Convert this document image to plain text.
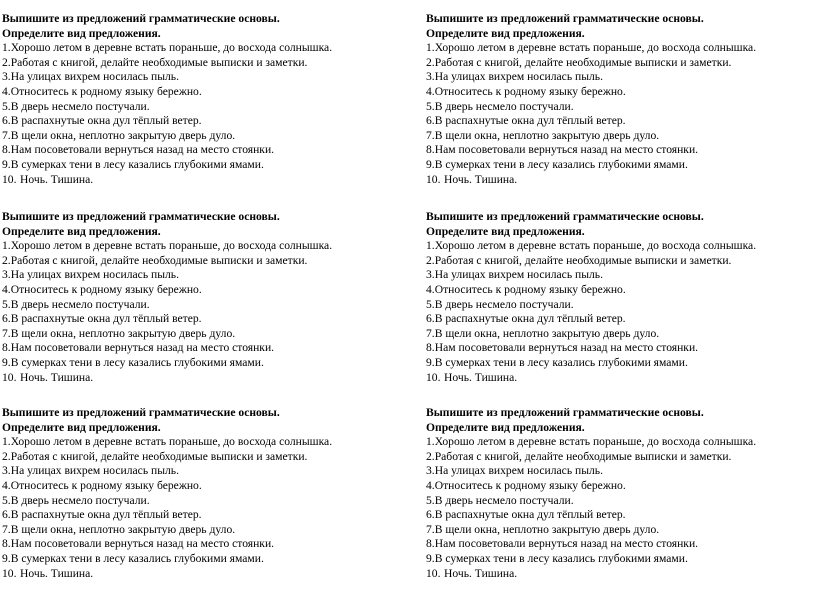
Выпишите из предложений грамматические основы.
Определите вид предложения.
1. Хорошо летом в деревне встать пораньше, до восхода солнышка.
2. Работая с книгой, делайте необходимые выписки и заметки.
3. На улицах вихрем носилась пыль.
4. Относитесь к родному языку бережно.
5. В дверь несмело постучали.
6. В распахнутые окна дул тёплый ветер.
7. В щели окна, неплотно закрытую дверь дуло.
8. Нам посоветовали вернуться назад на место стоянки.
9. В сумерках тени в лесу казались глубокими ямами.
10. Ночь. Тишина.
Выпишите из предложений грамматические основы.
Определите вид предложения.
1. Хорошо летом в деревне встать пораньше, до восхода солнышка.
2. Работая с книгой, делайте необходимые выписки и заметки.
3. На улицах вихрем носилась пыль.
4. Относитесь к родному языку бережно.
5. В дверь несмело постучали.
6. В распахнутые окна дул тёплый ветер.
7. В щели окна, неплотно закрытую дверь дуло.
8. Нам посоветовали вернуться назад на место стоянки.
9. В сумерках тени в лесу казались глубокими ямами.
10. Ночь. Тишина.
Выпишите из предложений грамматические основы.
Определите вид предложения.
1. Хорошо летом в деревне встать пораньше, до восхода солнышка.
2. Работая с книгой, делайте необходимые выписки и заметки.
3. На улицах вихрем носилась пыль.
4. Относитесь к родному языку бережно.
5. В дверь несмело постучали.
6. В распахнутые окна дул тёплый ветер.
7. В щели окна, неплотно закрытую дверь дуло.
8. Нам посоветовали вернуться назад на место стоянки.
9. В сумерках тени в лесу казались глубокими ямами.
10. Ночь. Тишина.
Выпишите из предложений грамматические основы.
Определите вид предложения.
1. Хорошо летом в деревне встать пораньше, до восхода солнышка.
2. Работая с книгой, делайте необходимые выписки и заметки.
3. На улицах вихрем носилась пыль.
4. Относитесь к родному языку бережно.
5. В дверь несмело постучали.
6. В распахнутые окна дул тёплый ветер.
7. В щели окна, неплотно закрытую дверь дуло.
8. Нам посоветовали вернуться назад на место стоянки.
9. В сумерках тени в лесу казались глубокими ямами.
10. Ночь. Тишина.
Выпишите из предложений грамматические основы.
Определите вид предложения.
1. Хорошо летом в деревне встать пораньше, до восхода солнышка.
2. Работая с книгой, делайте необходимые выписки и заметки.
3. На улицах вихрем носилась пыль.
4. Относитесь к родному языку бережно.
5. В дверь несмело постучали.
6. В распахнутые окна дул тёплый ветер.
7. В щели окна, неплотно закрытую дверь дуло.
8. Нам посоветовали вернуться назад на место стоянки.
9. В сумерках тени в лесу казались глубокими ямами.
10. Ночь. Тишина.
Выпишите из предложений грамматические основы.
Определите вид предложения.
1. Хорошо летом в деревне встать пораньше, до восхода солнышка.
2. Работая с книгой, делайте необходимые выписки и заметки.
3. На улицах вихрем носилась пыль.
4. Относитесь к родному языку бережно.
5. В дверь несмело постучали.
6. В распахнутые окна дул тёплый ветер.
7. В щели окна, неплотно закрытую дверь дуло.
8. Нам посоветовали вернуться назад на место стоянки.
9. В сумерках тени в лесу казались глубокими ямами.
10. Ночь. Тишина.
